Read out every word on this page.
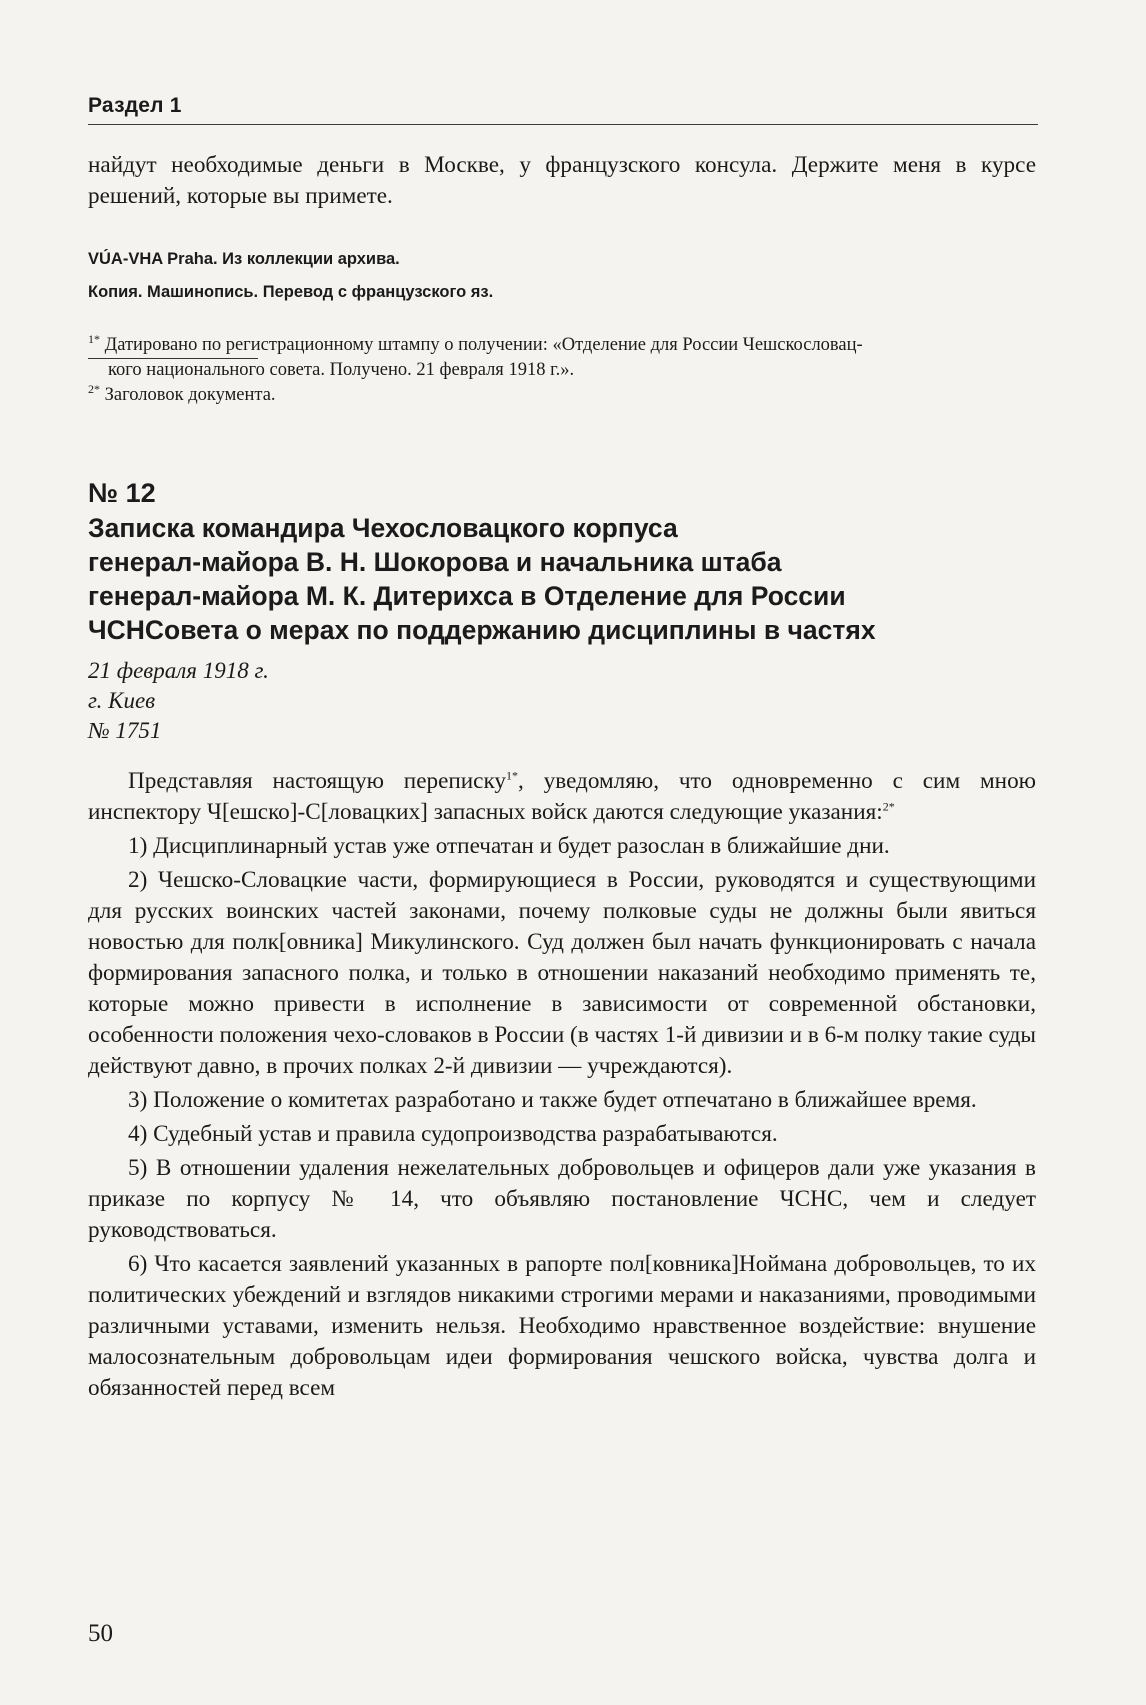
Раздел 1

найдут необходимые деньги в Москве, у французского консула. Держите меня в курсе решений, которые вы примете.

VÚA-VHA Praha. Из коллекции архива.

Копия. Машинопись. Перевод с французского яз.

$^{1*}$ Датировано по регистрационному штампу о получении: «Отделение для России Чешскословац-

кого национального совета. Получено. 21 февраля 1918 г.».

$^{2*}$ Заголовок документа.

№ 12

Записка командира Чехословацкого корпуса

генерал-майора В. Н. Шокорова и начальника штаба

генерал-майора М. К. Дитерихса в Отделение для России

ЧСНСовета о мерах по поддержанию дисциплины в частях

21 февраля 1918 г.

г. Киев

№ 1751

Представляя настоящую переписку$^{1*}$, уведомляю, что одновременно с сим мною инспектору Ч[ешско]-С[ловацких] запасных войск даются следующие указания:$^{2*}$

1) Дисциплинарный устав уже отпечатан и будет разослан в ближайшие дни.

2) Чешско-Словацкие части, формирующиеся в России, руководятся и существующими для русских воинских частей законами, почему полковые суды не должны были явиться новостью для полк[овника] Микулинского. Суд должен был начать функционировать с начала формирования запасного полка, и только в отношении наказаний необходимо применять те, которые можно привести в исполнение в зависимости от современной обстановки, особенности положения чехо-словаков в России (в частях 1-й дивизии и в 6-м полку такие суды действуют давно, в прочих полках 2-й дивизии — учреждаются).

3) Положение о комитетах разработано и также будет отпечатано в ближайшее время.

4) Судебный устав и правила судопроизводства разрабатываются.

5) В отношении удаления нежелательных добровольцев и офицеров дали уже указания в приказе по корпусу № 14, что объявляю постановление ЧСНС, чем и следует руководствоваться.

6) Что касается заявлений указанных в рапорте пол[ковника]Ноймана добровольцев, то их политических убеждений и взглядов никакими строгими мерами и наказаниями, проводимыми различными уставами, изменить нельзя. Необходимо нравственное воздействие: внушение малосознательным добровольцам идеи формирования чешского войска, чувства долга и обязанностей перед всем

50
